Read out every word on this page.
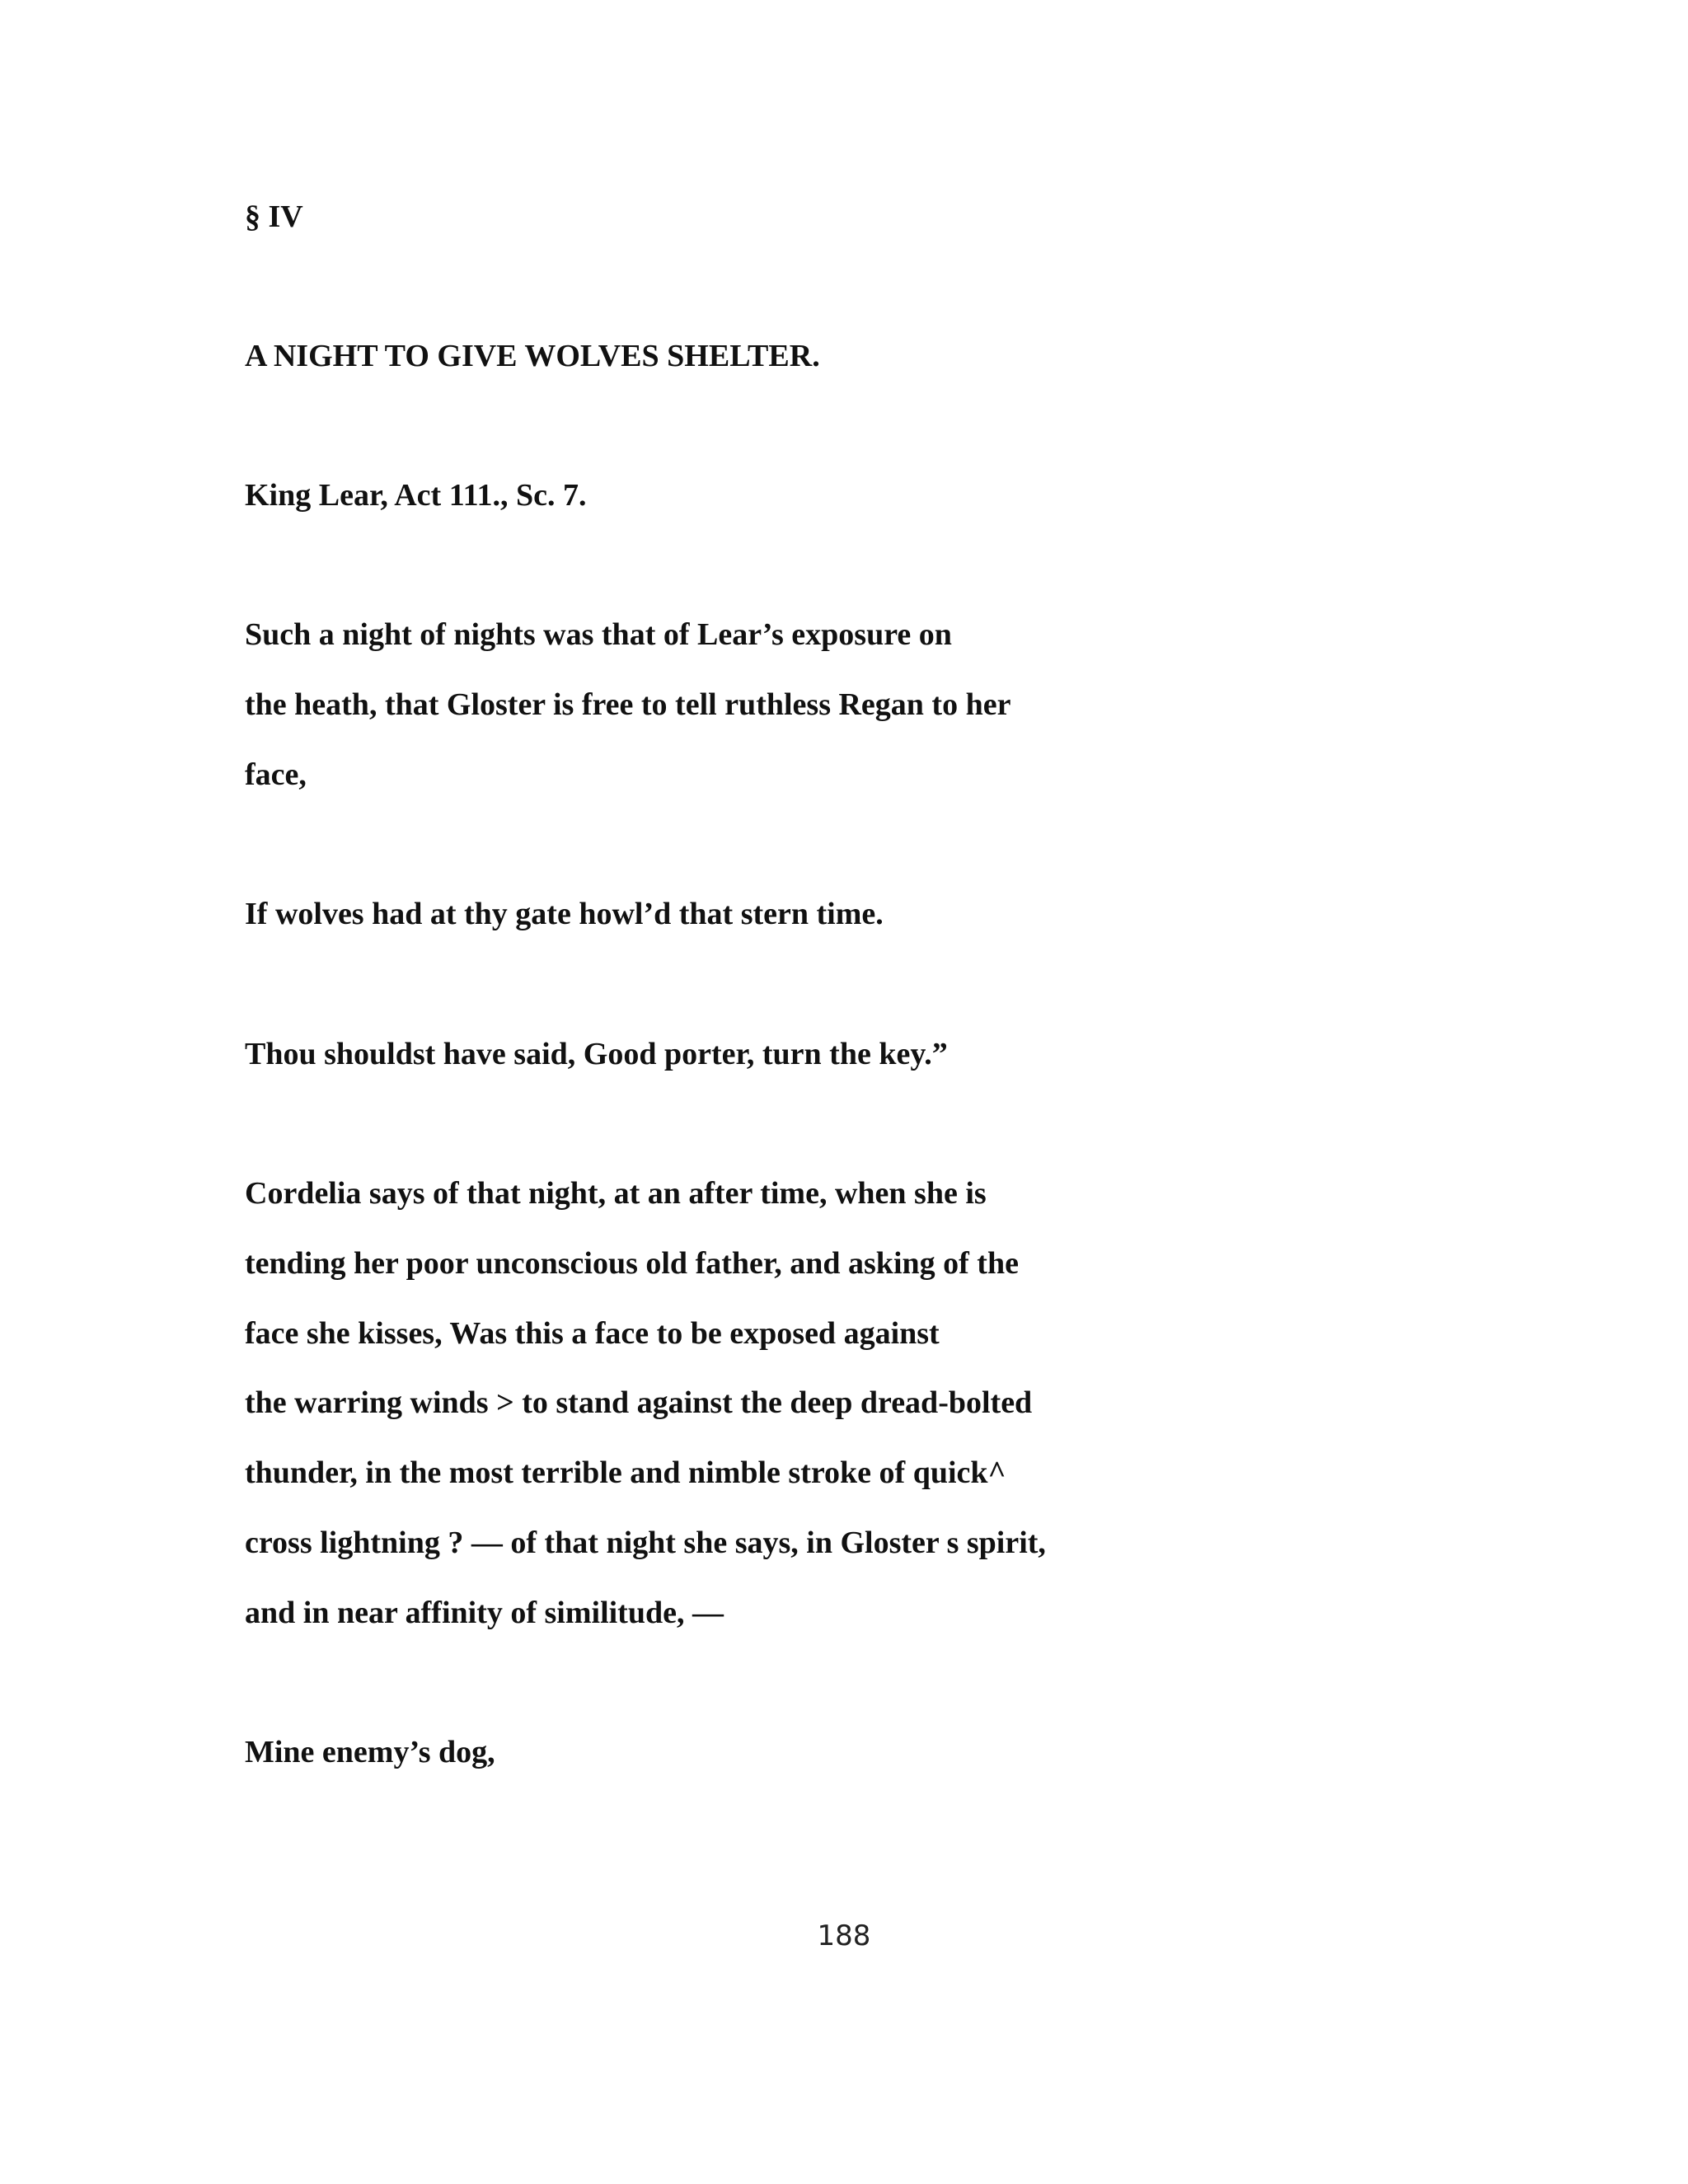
§ IV
A NIGHT TO GIVE WOLVES SHELTER.
King Lear, Act 111., Sc. 7.
Such a night of nights was that of Lear’s exposure on
the heath, that Gloster is free to tell ruthless Regan to her
face,
If wolves had at thy gate howl’d that stern time.
Thou shouldst have said, Good porter, turn the key.”
Cordelia says of that night, at an after time, when she is
tending her poor unconscious old father, and asking of the
face she kisses, Was this a face to be exposed against
the warring winds > to stand against the deep dread-bolted
thunder, in the most terrible and nimble stroke of quick^
cross lightning ? — of that night she says, in Gloster s spirit,
and in near affinity of similitude, —
Mine enemy’s dog,
188
